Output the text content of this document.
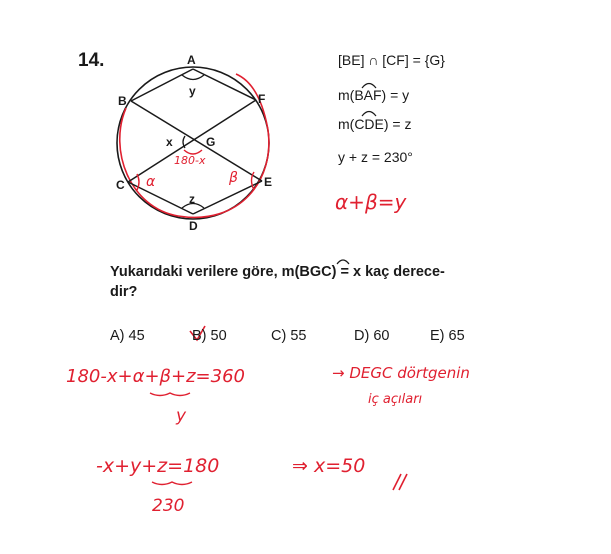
14.	A
B	F
G
C	E
D
y
x
z
180-x
α	β
[BE] ∩ [CF] = {G}
m(BAF) = y
m(CDE) = z
y + z = 230°
α+β=y
Yukarıdaki verilere göre, m(BGC) = x kaç derece-
dir?
A) 45	B) 50	C) 55	D) 60	E) 65
180-x+α+β+z=360	→ DEGC dörtgenin
iç açıları
y
-x+y+z=180	⇒ x=50
230
